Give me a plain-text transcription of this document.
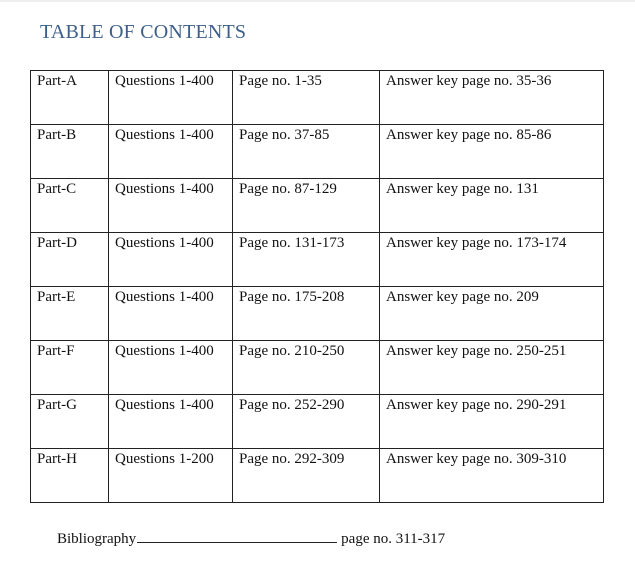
TABLE OF CONTENTS
Part-A	Questions 1-400	Page no. 1-35	Answer key page no. 35-36

Part-B	Questions 1-400	Page no. 37-85	Answer key page no. 85-86

Part-C	Questions 1-400	Page no. 87-129	Answer key page no. 131

Part-D	Questions 1-400	Page no. 131-173	Answer key page no. 173-174

Part-E	Questions 1-400	Page no. 175-208	Answer key page no. 209

Part-F	Questions 1-400	Page no. 210-250	Answer key page no. 250-251

Part-G	Questions 1-400	Page no. 252-290	Answer key page no. 290-291

Part-H	Questions 1-200	Page no. 292-309	Answer key page no. 309-310
Bibliography	page no. 311-317
